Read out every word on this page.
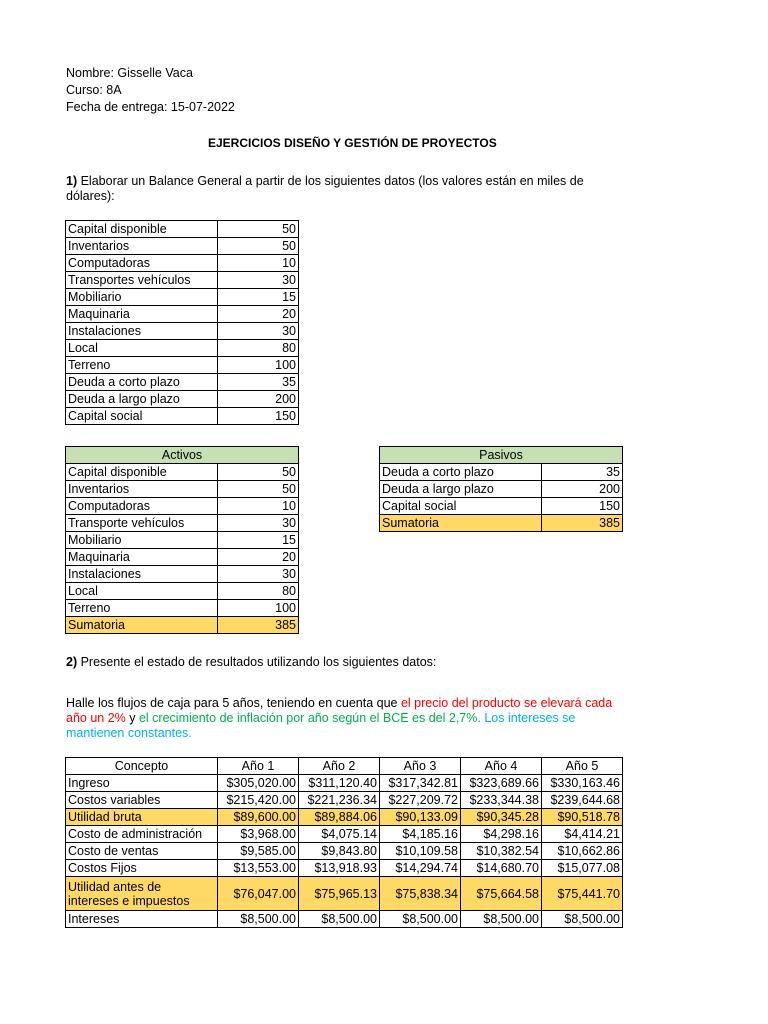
Nombre: Gisselle Vaca
Curso: 8A
Fecha de entrega: 15-07-2022
EJERCICIOS DISEÑO Y GESTIÓN DE PROYECTOS
1) Elaborar un Balance General a partir de los siguientes datos (los valores están en miles de dólares):
Capital disponible	50
Inventarios	50
Computadoras	10
Transportes vehículos	30
Mobiliario	15
Maquinaria	20
Instalaciones	30
Local	80
Terreno	100
Deuda a corto plazo	35
Deuda a largo plazo	200
Capital social	150
Activos	
Capital disponible	50
Inventarios	50
Computadoras	10
Transporte vehículos	30
Mobiliario	15
Maquinaria	20
Instalaciones	30
Local	80
Terreno	100
Sumatoria	385
Pasivos	
Deuda a corto plazo	35
Deuda a largo plazo	200
Capital social	150
Sumatoria	385
2) Presente el estado de resultados utilizando los siguientes datos:
Halle los flujos de caja para 5 años, teniendo en cuenta que el precio del producto se elevará cada año un 2% y el crecimiento de inflación por año según el BCE es del 2,7%. Los intereses se mantienen constantes.
Concepto	Año 1	Año 2	Año 3	Año 4	Año 5
Ingreso	$305,020.00	$311,120.40	$317,342.81	$323,689.66	$330,163.46
Costos variables	$215,420.00	$221,236.34	$227,209.72	$233,344.38	$239,644.68
Utilidad bruta	$89,600.00	$89,884.06	$90,133.09	$90,345.28	$90,518.78
Costo de administración	$3,968.00	$4,075.14	$4,185.16	$4,298.16	$4,414.21
Costo de ventas	$9,585.00	$9,843.80	$10,109.58	$10,382.54	$10,662.86
Costos Fijos	$13,553.00	$13,918.93	$14,294.74	$14,680.70	$15,077.08
Utilidad antes de intereses e impuestos	$76,047.00	$75,965.13	$75,838.34	$75,664.58	$75,441.70
Intereses	$8,500.00	$8,500.00	$8,500.00	$8,500.00	$8,500.00
